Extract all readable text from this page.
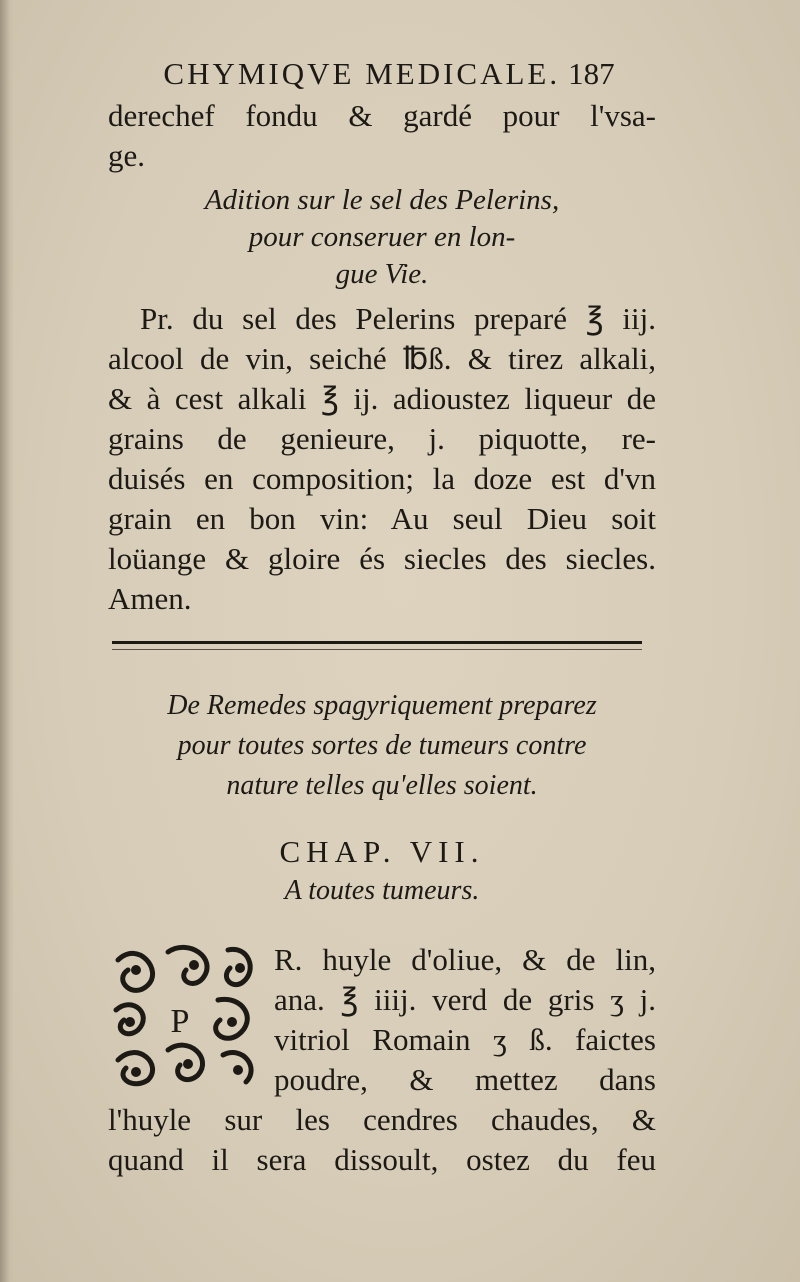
CHYMIQVE MEDICALE. 187
derechef fondu & gardé pour l'vsa-
ge.
Adition sur le sel des Pelerins,
pour conseruer en lon-
gue Vie.
Pr. du sel des Pelerins preparé ℥ iij.
alcool de vin, seiché ℔ß. & tirez alkali,
& à cest alkali ℥ ij. adioustez liqueur de
grains de genieure, j. piquotte, re-
duisés en composition; la doze est d'vn
grain en bon vin: Au seul Dieu soit
loüange & gloire és siecles des siecles.
Amen.
De Remedes spagyriquement preparez
pour toutes sortes de tumeurs contre
nature telles qu'elles soient.
CHAP. VII.
A toutes tumeurs.
P
R. huyle d'oliue, & de lin,
ana. ℥ iiij. verd de gris ʒ j.
vitriol Romain ʒ ß. faictes
poudre, & mettez dans
l'huyle sur les cendres chaudes, &
quand il sera dissoult, ostez du feu
